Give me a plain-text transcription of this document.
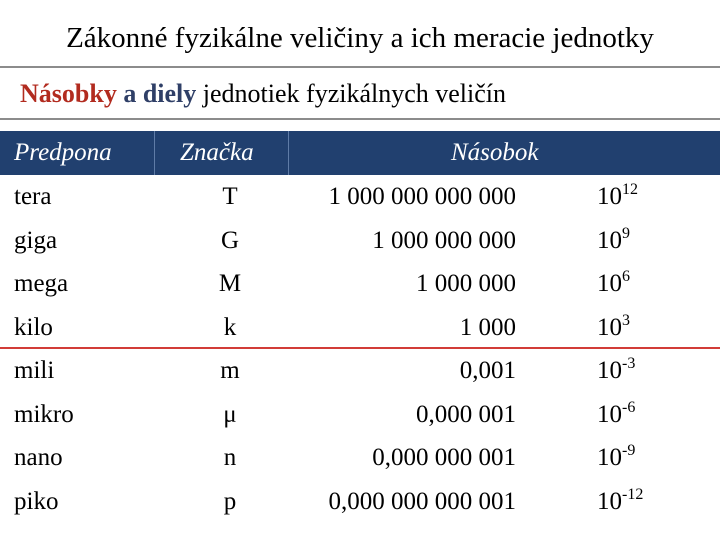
Zákonné fyzikálne veličiny a ich meracie jednotky
Násobky a diely jednotiek fyzikálnych veličín
Predpona	Značka	Násobok
tera	T	1 000 000 000 000	$10^{12}$
giga	G	1 000 000 000	$10^9$
mega	M	1 000 000	$10^6$
kilo	k	1 000	$10^3$
mili	m	0,001	$10^{-3}$
mikro	μ	0,000 001	$10^{-6}$
nano	n	0,000 000 001	$10^{-9}$
piko	p	0,000 000 000 001	$10^{-12}$
